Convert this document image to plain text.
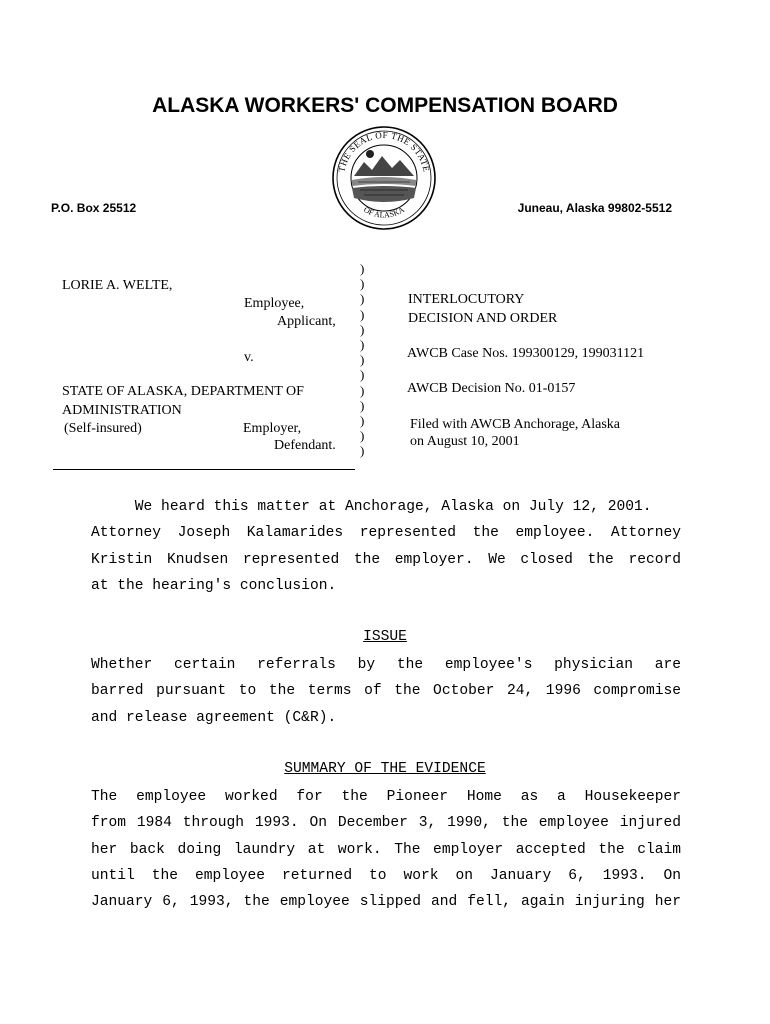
ALASKA WORKERS' COMPENSATION BOARD
THE SEAL OF THE STATE
OF ALASKA
P.O. Box 25512	Juneau, Alaska 99802-5512
LORIE A. WELTE,
Employee,
Applicant,
v.
STATE OF ALASKA, DEPARTMENT OF
ADMINISTRATION
(Self-insured)	Employer,
Defendant.
)
)
)
)
)
)
)
)
)
)
)
)
)
INTERLOCUTORY
DECISION AND ORDER
AWCB Case Nos. 199300129, 199031121
AWCB Decision No. 01-0157
Filed with AWCB Anchorage, Alaska
on August 10, 2001
We heard this matter at Anchorage, Alaska on July 12, 2001.
Attorney Joseph Kalamarides represented the employee. Attorney
Kristin Knudsen represented the employer. We closed the record
at the hearing's conclusion.
ISSUE
Whether certain referrals by the employee's physician are
barred pursuant to the terms of the October 24, 1996 compromise
and release agreement (C&R).
SUMMARY OF THE EVIDENCE
The employee worked for the Pioneer Home as a Housekeeper
from 1984 through 1993. On December 3, 1990, the employee injured
her back doing laundry at work. The employer accepted the claim
until the employee returned to work on January 6, 1993. On
January 6, 1993, the employee slipped and fell, again injuring her
